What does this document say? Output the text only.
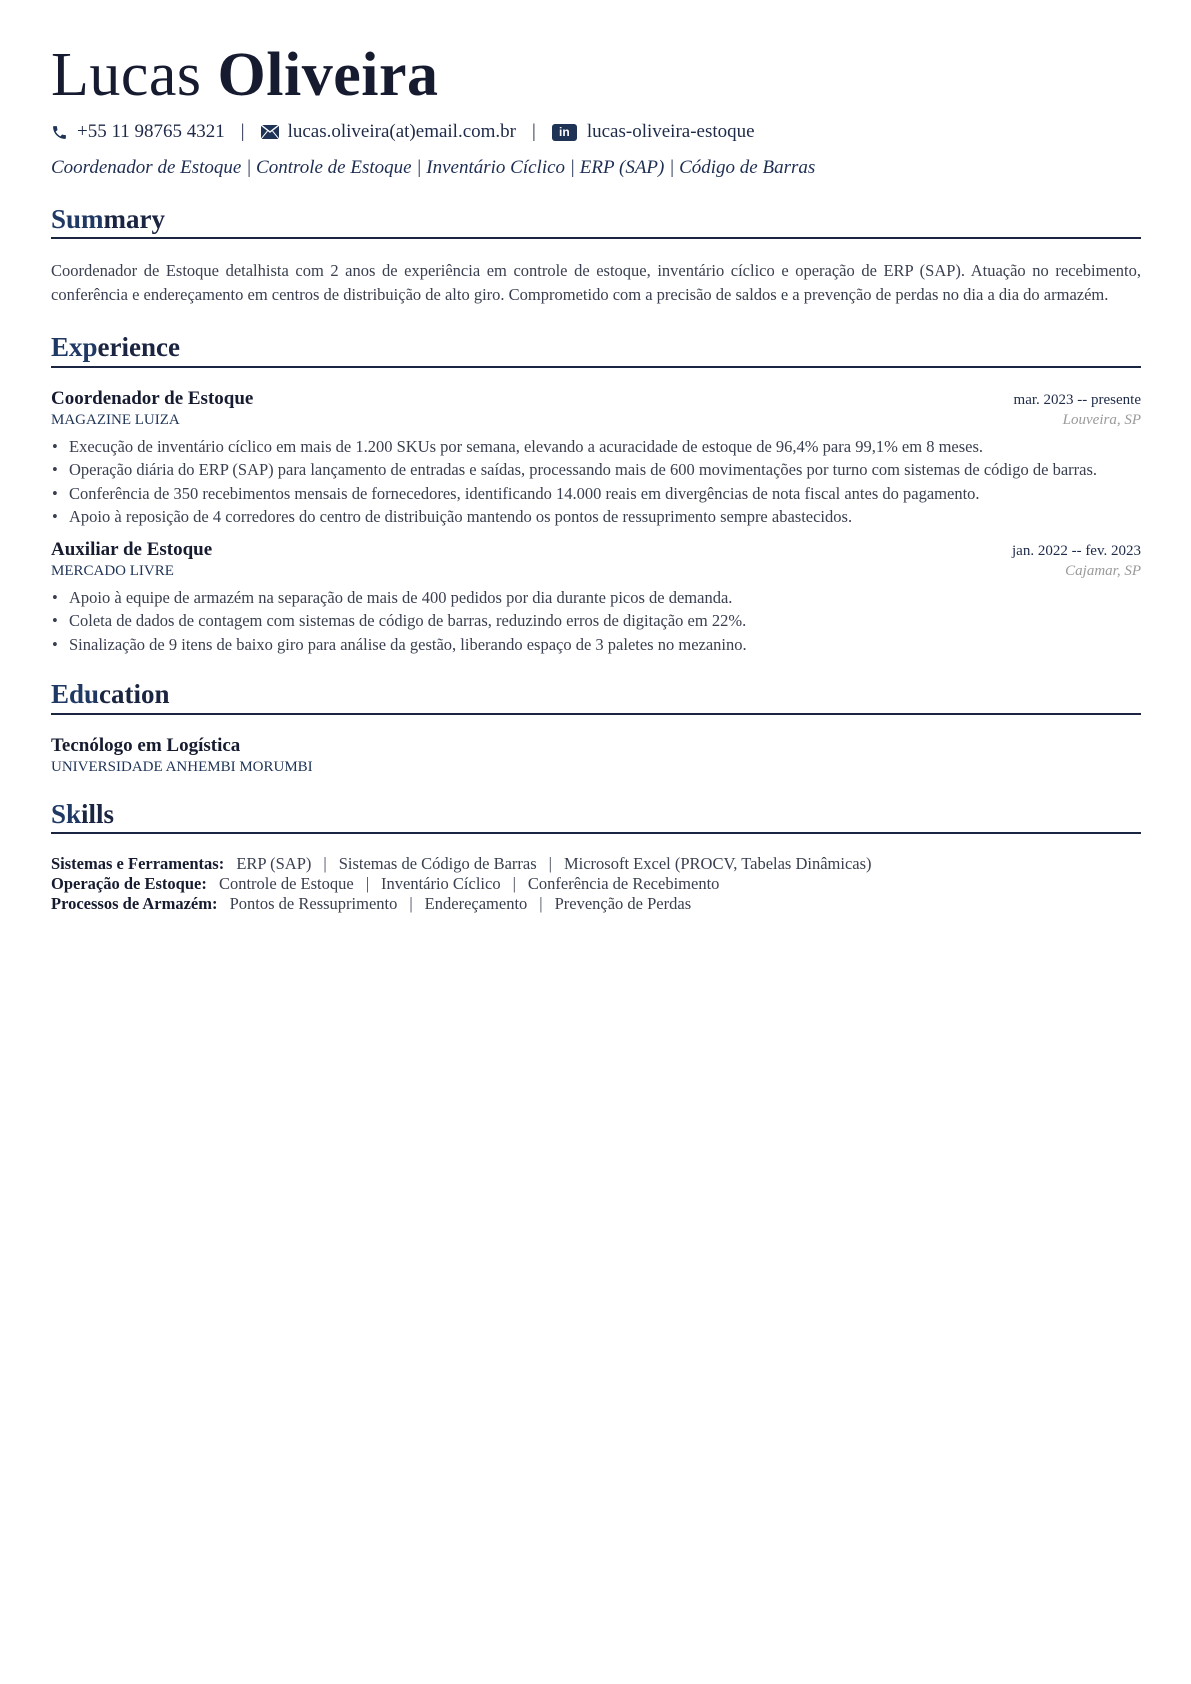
Lucas Oliveira
+55 11 98765 4321 | lucas.oliveira(at)email.com.br |	in lucas-oliveira-estoque
Coordenador de Estoque | Controle de Estoque | Inventário Cíclico | ERP (SAP) | Código de Barras
Summary

Coordenador de Estoque detalhista com 2 anos de experiência em controle de estoque, inventário cíclico e operação de ERP (SAP). Atuação no recebimento, conferência e endereçamento em centros de distribuição de alto giro. Comprometido com a precisão de saldos e a prevenção de perdas no dia a dia do armazém.

Experience
Coordenador de Estoque	mar. 2023 -- presente
MAGAZINE LUIZA	Louveira, SP
• Execução de inventário cíclico em mais de 1.200 SKUs por semana, elevando a acuracidade de estoque de 96,4% para 99,1% em 8 meses.
• Operação diária do ERP (SAP) para lançamento de entradas e saídas, processando mais de 600 movimentações por turno com sistemas de código de barras.
• Conferência de 350 recebimentos mensais de fornecedores, identificando 14.000 reais em divergências de nota fiscal antes do pagamento.
• Apoio à reposição de 4 corredores do centro de distribuição mantendo os pontos de ressuprimento sempre abastecidos.
Auxiliar de Estoque	jan. 2022 -- fev. 2023
MERCADO LIVRE	Cajamar, SP
• Apoio à equipe de armazém na separação de mais de 400 pedidos por dia durante picos de demanda.
• Coleta de dados de contagem com sistemas de código de barras, reduzindo erros de digitação em 22%.
• Sinalização de 9 itens de baixo giro para análise da gestão, liberando espaço de 3 paletes no mezanino.
Education
Tecnólogo em Logística
UNIVERSIDADE ANHEMBI MORUMBI
Skills
Sistemas e Ferramentas: ERP (SAP) | Sistemas de Código de Barras | Microsoft Excel (PROCV, Tabelas Dinâmicas)
Operação de Estoque: Controle de Estoque | Inventário Cíclico | Conferência de Recebimento
Processos de Armazém: Pontos de Ressuprimento | Endereçamento | Prevenção de Perdas
